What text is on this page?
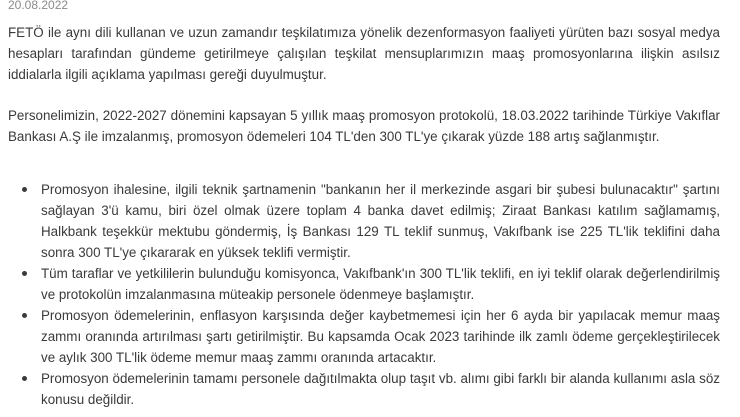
20.08.2022

FETÖ ile aynı dili kullanan ve uzun zamandır teşkilatımıza yönelik dezenformasyon faaliyeti yürüten bazı sosyal medya hesapları tarafından gündeme getirilmeye çalışılan teşkilat mensuplarımızın maaş promosyonlarına ilişkin asılsız iddialarla ilgili açıklama yapılması gereği duyulmuştur.

Personelimizin, 2022-2027 dönemini kapsayan 5 yıllık maaş promosyon protokolü, 18.03.2022 tarihinde Türkiye Vakıflar Bankası A.Ş ile imzalanmış, promosyon ödemeleri 104 TL'den 300 TL'ye çıkarak yüzde 188 artış sağlanmıştır.

Promosyon ihalesine, ilgili teknik şartnamenin "bankanın her il merkezinde asgari bir şubesi bulunacaktır" şartını sağlayan 3'ü kamu, biri özel olmak üzere toplam 4 banka davet edilmiş; Ziraat Bankası katılım sağlamamış, Halkbank teşekkür mektubu göndermiş, İş Bankası 129 TL teklif sunmuş, Vakıfbank ise 225 TL'lik teklifini daha sonra 300 TL'ye çıkararak en yüksek teklifi vermiştir.
Tüm taraflar ve yetkililerin bulunduğu komisyonca, Vakıfbank'ın 300 TL'lik teklifi, en iyi teklif olarak değerlendirilmiş ve protokolün imzalanmasına müteakip personele ödenmeye başlamıştır.
Promosyon ödemelerinin, enflasyon karşısında değer kaybetmemesi için her 6 ayda bir yapılacak memur maaş zammı oranında artırılması şartı getirilmiştir. Bu kapsamda Ocak 2023 tarihinde ilk zamlı ödeme gerçekleştirilecek ve aylık 300 TL'lik ödeme memur maaş zammı oranında artacaktır.
Promosyon ödemelerinin tamamı personele dağıtılmakta olup taşıt vb. alımı gibi farklı bir alanda kullanımı asla söz konusu değildir.
